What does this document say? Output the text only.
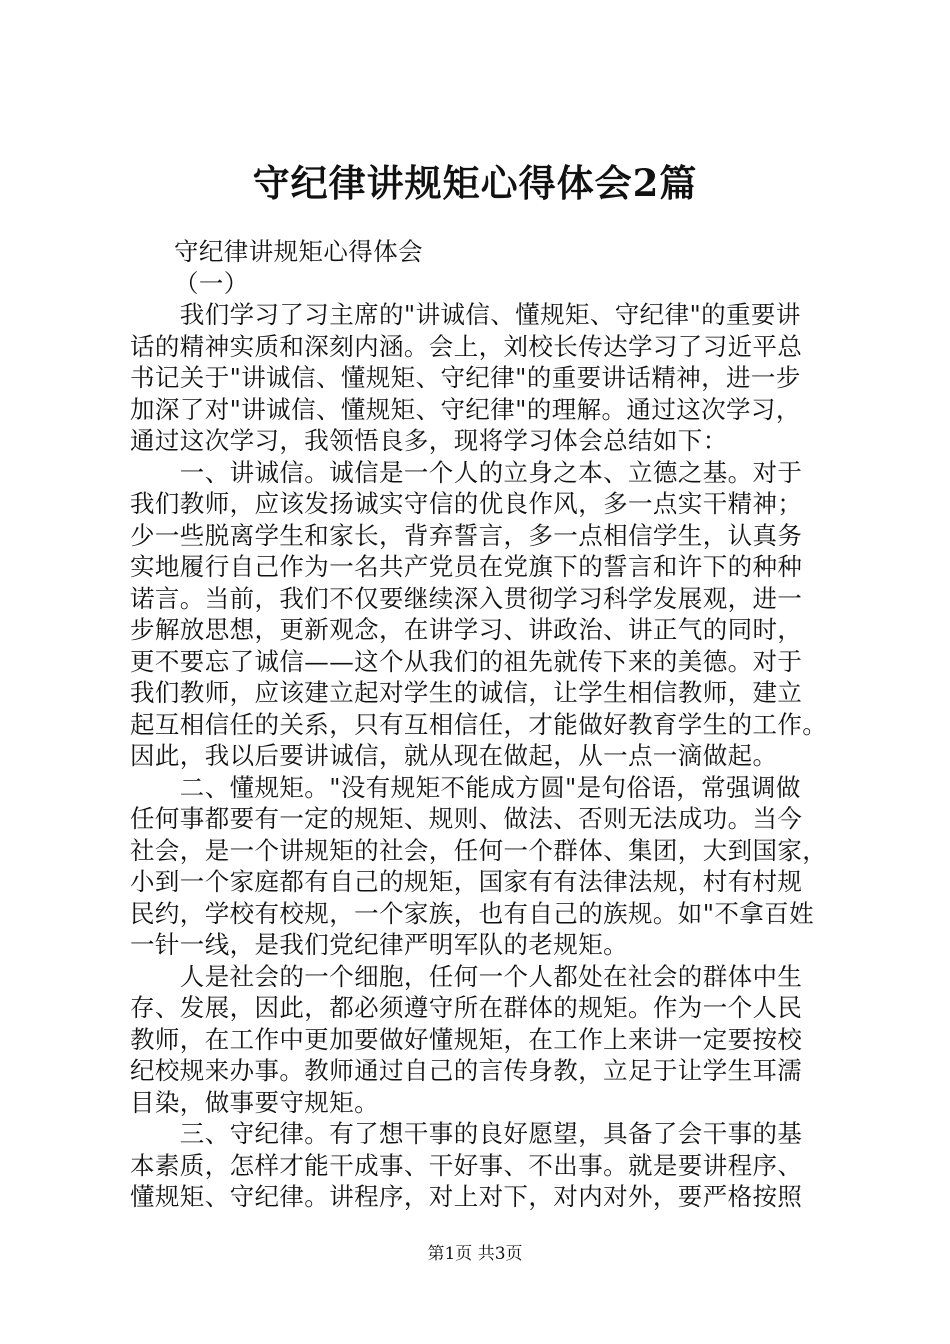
守纪律讲规矩心得体会2篇
守纪律讲规矩心得体会
（一）
　　我们学习了习主席的"讲诚信、懂规矩、守纪律"的重要讲
话的精神实质和深刻内涵。会上，刘校长传达学习了习近平总
书记关于"讲诚信、懂规矩、守纪律"的重要讲话精神，进一步
加深了对"讲诚信、懂规矩、守纪律"的理解。通过这次学习，
通过这次学习，我领悟良多，现将学习体会总结如下：
　　一、讲诚信。诚信是一个人的立身之本、立德之基。对于
我们教师，应该发扬诚实守信的优良作风，多一点实干精神；
少一些脱离学生和家长，背弃誓言，多一点相信学生，认真务
实地履行自己作为一名共产党员在党旗下的誓言和许下的种种
诺言。当前，我们不仅要继续深入贯彻学习科学发展观，进一
步解放思想，更新观念，在讲学习、讲政治、讲正气的同时，
更不要忘了诚信——这个从我们的祖先就传下来的美德。对于
我们教师，应该建立起对学生的诚信，让学生相信教师，建立
起互相信任的关系，只有互相信任，才能做好教育学生的工作。
因此，我以后要讲诚信，就从现在做起，从一点一滴做起。
　　二、懂规矩。"没有规矩不能成方圆"是句俗语，常强调做
任何事都要有一定的规矩、规则、做法、否则无法成功。当今
社会，是一个讲规矩的社会，任何一个群体、集团，大到国家，
小到一个家庭都有自己的规矩，国家有有法律法规，村有村规
民约，学校有校规，一个家族，也有自己的族规。如"不拿百姓
一针一线，是我们党纪律严明军队的老规矩。
　　人是社会的一个细胞，任何一个人都处在社会的群体中生
存、发展，因此，都必须遵守所在群体的规矩。作为一个人民
教师，在工作中更加要做好懂规矩，在工作上来讲一定要按校
纪校规来办事。教师通过自己的言传身教，立足于让学生耳濡
目染，做事要守规矩。
　　三、守纪律。有了想干事的良好愿望，具备了会干事的基
本素质，怎样才能干成事、干好事、不出事。就是要讲程序、
懂规矩、守纪律。讲程序，对上对下，对内对外，要严格按照
第1页 共3页
